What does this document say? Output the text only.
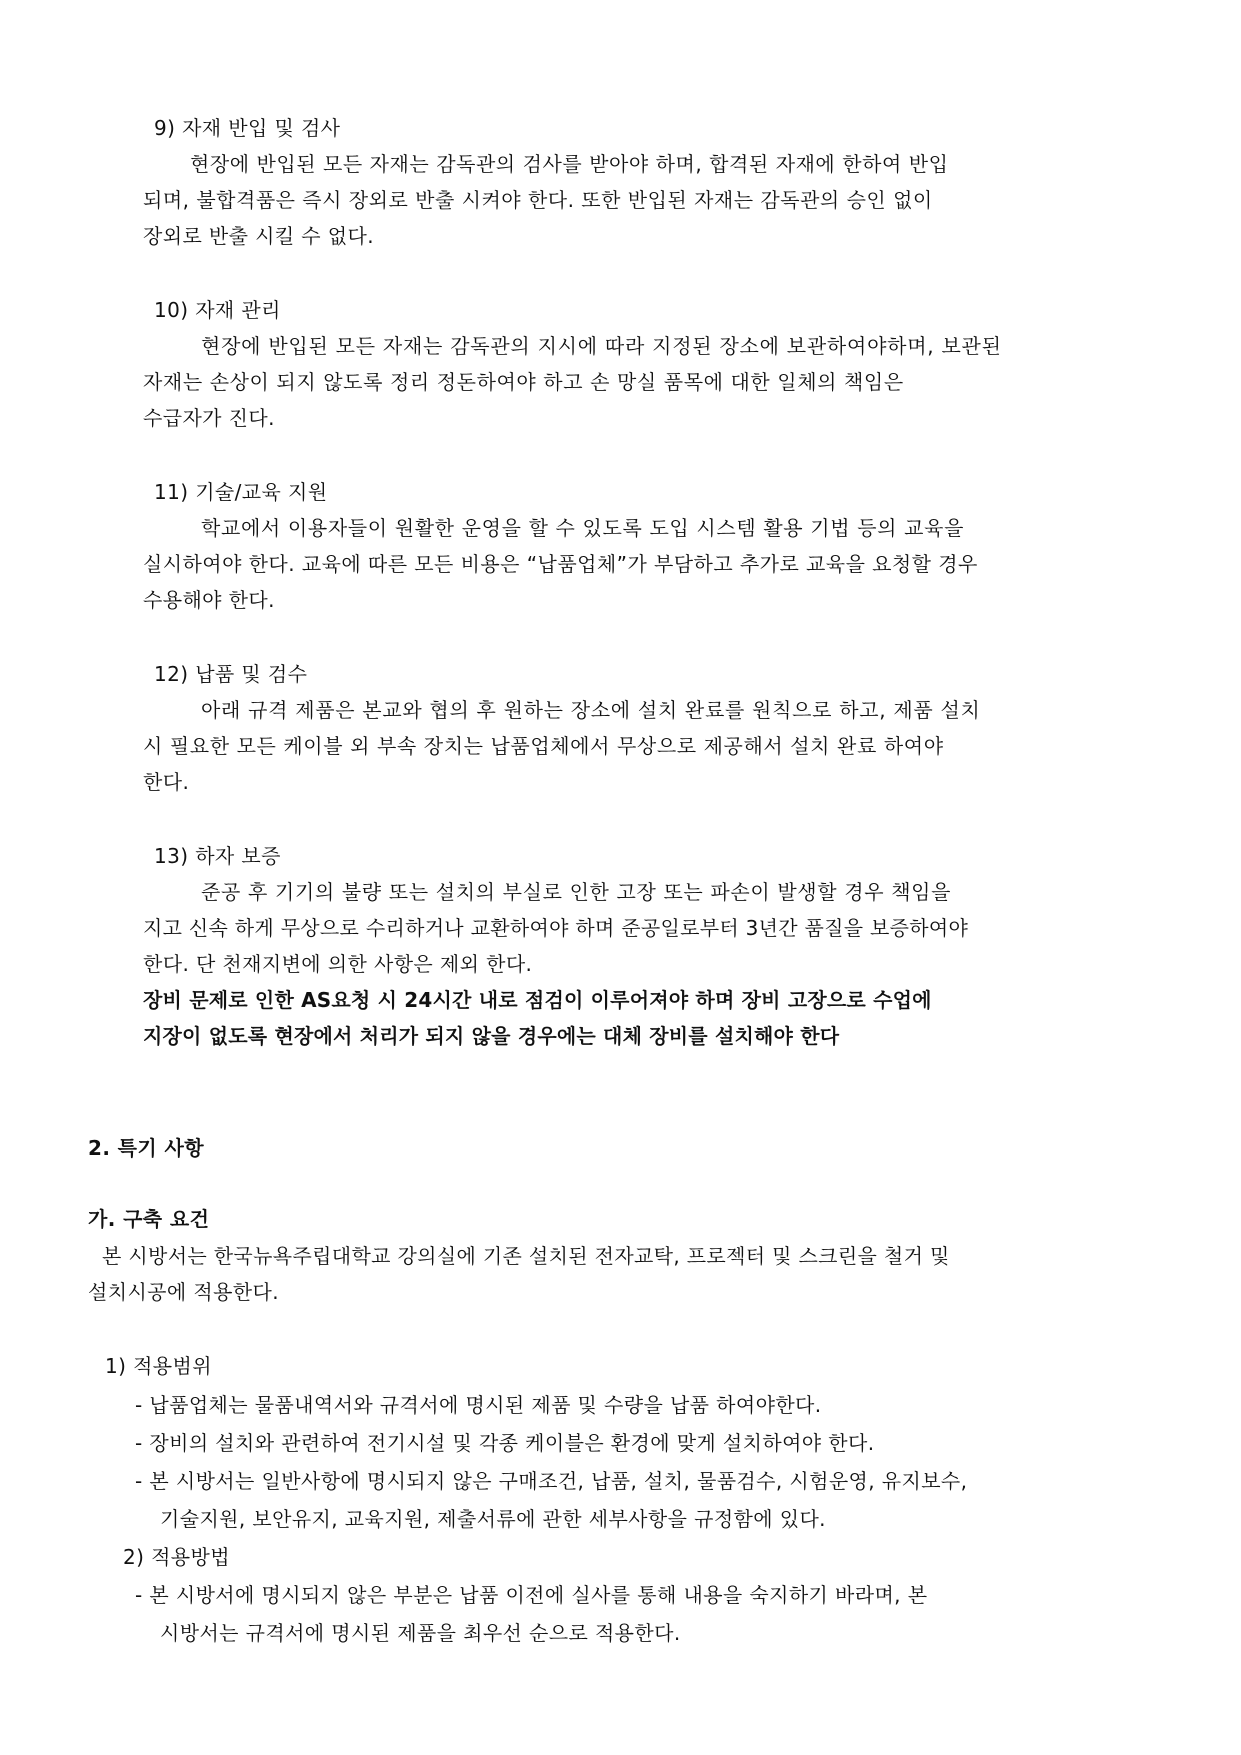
9) 자재 반입 및 검사
현장에 반입된 모든 자재는 감독관의 검사를 받아야 하며, 합격된 자재에 한하여 반입
되며, 불합격품은 즉시 장외로 반출 시켜야 한다. 또한 반입된 자재는 감독관의 승인 없이
장외로 반출 시킬 수 없다.
10) 자재 관리
현장에 반입된 모든 자재는 감독관의 지시에 따라 지정된 장소에 보관하여야하며, 보관된
자재는 손상이 되지 않도록 정리 정돈하여야 하고 손 망실 품목에 대한 일체의 책임은
수급자가 진다.
11) 기술/교육 지원
학교에서 이용자들이 원활한 운영을 할 수 있도록 도입 시스템 활용 기법 등의 교육을
실시하여야 한다. 교육에 따른 모든 비용은 “납품업체”가 부담하고 추가로 교육을 요청할 경우
수용해야 한다.
12) 납품 및 검수
아래 규격 제품은 본교와 협의 후 원하는 장소에 설치 완료를 원칙으로 하고, 제품 설치
시 필요한 모든 케이블 외 부속 장치는 납품업체에서 무상으로 제공해서 설치 완료 하여야
한다.
13) 하자 보증
준공 후 기기의 불량 또는 설치의 부실로 인한 고장 또는 파손이 발생할 경우 책임을
지고 신속 하게 무상으로 수리하거나 교환하여야 하며 준공일로부터 3년간 품질을 보증하여야
한다. 단 천재지변에 의한 사항은 제외 한다.
장비 문제로 인한 AS요청 시 24시간 내로 점검이 이루어져야 하며 장비 고장으로 수업에
지장이 없도록 현장에서 처리가 되지 않을 경우에는 대체 장비를 설치해야 한다
2. 특기 사항
가. 구축 요건
본 시방서는 한국뉴욕주립대학교 강의실에 기존 설치된 전자교탁, 프로젝터 및 스크린을 철거 및
설치시공에 적용한다.
1) 적용범위
- 납품업체는 물품내역서와 규격서에 명시된 제품 및 수량을 납품 하여야한다.
- 장비의 설치와 관련하여 전기시설 및 각종 케이블은 환경에 맞게 설치하여야 한다.
- 본 시방서는 일반사항에 명시되지 않은 구매조건, 납품, 설치, 물품검수, 시험운영, 유지보수,
기술지원, 보안유지, 교육지원, 제출서류에 관한 세부사항을 규정함에 있다.
2) 적용방법
- 본 시방서에 명시되지 않은 부분은 납품 이전에 실사를 통해 내용을 숙지하기 바라며, 본
시방서는 규격서에 명시된 제품을 최우선 순으로 적용한다.
